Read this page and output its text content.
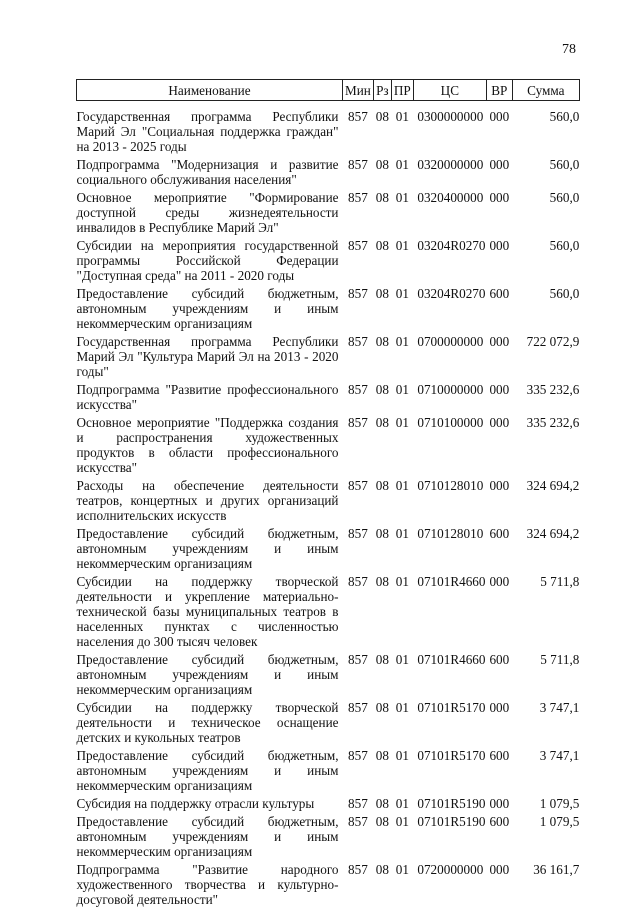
78
Наименование	Мин	Рз	ПР	ЦС	ВР	Сумма
Государственная программа Республики Марий Эл "Социальная поддержка граждан" на 2013 - 2025 годы	857	08	01	0300000000	000	560,0
Подпрограмма "Модернизация и развитие социального обслуживания населения"	857	08	01	0320000000	000	560,0
Основное мероприятие "Формирование доступной среды жизнедеятельности инвалидов в Республике Марий Эл"	857	08	01	0320400000	000	560,0
Субсидии на мероприятия государственной программы Российской Федерации "Доступная среда" на 2011 - 2020 годы	857	08	01	03204R0270	000	560,0
Предоставление субсидий бюджетным, автономным учреждениям и иным некоммерческим организациям	857	08	01	03204R0270	600	560,0
Государственная программа Республики Марий Эл "Культура Марий Эл на 2013 - 2020 годы"	857	08	01	0700000000	000	722 072,9
Подпрограмма "Развитие профессионального искусства"	857	08	01	0710000000	000	335 232,6
Основное мероприятие "Поддержка создания и распространения художественных продуктов в области профессионального искусства"	857	08	01	0710100000	000	335 232,6
Расходы на обеспечение деятельности театров, концертных и других организаций исполнительских искусств	857	08	01	0710128010	000	324 694,2
Предоставление субсидий бюджетным, автономным учреждениям и иным некоммерческим организациям	857	08	01	0710128010	600	324 694,2
Субсидии на поддержку творческой деятельности и укрепление материально-технической базы муниципальных театров в населенных пунктах с численностью населения до 300 тысяч человек	857	08	01	07101R4660	000	5 711,8
Предоставление субсидий бюджетным, автономным учреждениям и иным некоммерческим организациям	857	08	01	07101R4660	600	5 711,8
Субсидии на поддержку творческой деятельности и техническое оснащение детских и кукольных театров	857	08	01	07101R5170	000	3 747,1
Предоставление субсидий бюджетным, автономным учреждениям и иным некоммерческим организациям	857	08	01	07101R5170	600	3 747,1
Субсидия на поддержку отрасли культуры	857	08	01	07101R5190	000	1 079,5
Предоставление субсидий бюджетным, автономным учреждениям и иным некоммерческим организациям	857	08	01	07101R5190	600	1 079,5
Подпрограмма "Развитие народного художественного творчества и культурно-досуговой деятельности"	857	08	01	0720000000	000	36 161,7
